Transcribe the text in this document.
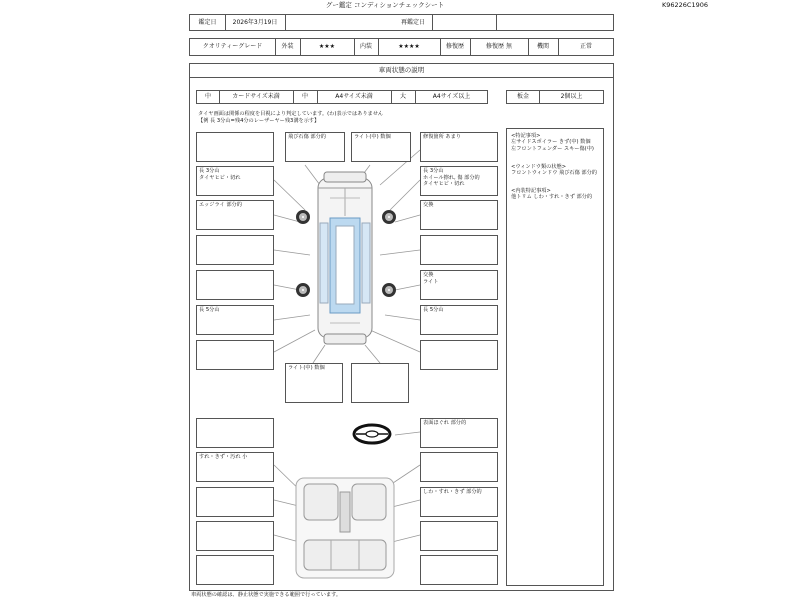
グー鑑定 コンディションチェックシート	K96226C1906
鑑定日	2026年3月19日	再鑑定日
クオリティーグレード	外装	★★★	内装	★★★★	修復歴	修復歴 無	機関	正常
車両状態の説明
中	カードサイズ未満	中	A4サイズ未満	大	A4サイズ以上	板金	2個以上
タイヤ画面は関係の程度を目視により判定しています。(わ)表示ではありません
【例 長 3分山=残4分のレーザーヤー残3溝を示す】
長 3分山
タイヤヒビ・切れ
エッジライ 部分的
長 5分山
すれ・きず・汚れ 小
飛び石傷 部分的	ライト(中) 数個
ライト(中) 数個
修復箇所 あまり
長 3分山
ホイール擦れ, 傷 部分的
タイヤヒビ・切れ
交換
交換
ライト
長 5分山
表面ほぐれ 部分的
しわ・すれ・きず 部分的
<特記事項>
左サイドスポイラー きず(中) 数個
左フロントフェンダー スキー傷(中)
<ウィンドウ類の状態>
フロントウィンドウ 飛び石傷 部分的
<内装特記事項>
他トリム しわ・すれ・きず 部分的
車両状態の確認は、静止状態で実施できる範囲で行っています。
